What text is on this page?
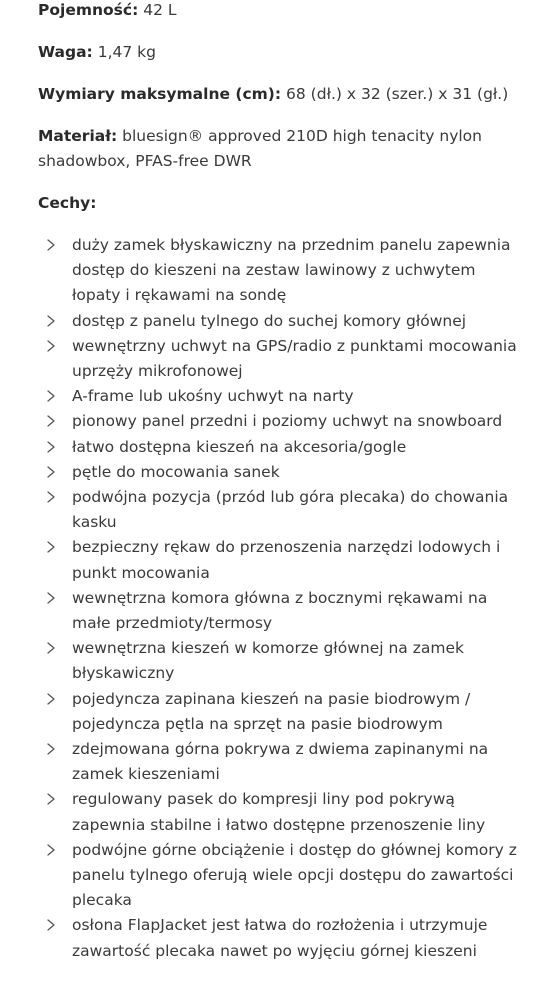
Pojemność: 42 L

Waga: 1,47 kg

Wymiary maksymalne (cm): 68 (dł.) x 32 (szer.) x 31 (gł.)

Materiał: bluesign® approved 210D high tenacity nylon shadowbox, PFAS-free DWR

Cechy:

duży zamek błyskawiczny na przednim panelu zapewnia dostęp do kieszeni na zestaw lawinowy z uchwytem łopaty i rękawami na sondę
dostęp z panelu tylnego do suchej komory głównej
wewnętrzny uchwyt na GPS/radio z punktami mocowania uprzęży mikrofonowej
A-frame lub ukośny uchwyt na narty
pionowy panel przedni i poziomy uchwyt na snowboard
łatwo dostępna kieszeń na akcesoria/gogle
pętle do mocowania sanek
podwójna pozycja (przód lub góra plecaka) do chowania kasku
bezpieczny rękaw do przenoszenia narzędzi lodowych i punkt mocowania
wewnętrzna komora główna z bocznymi rękawami na małe przedmioty/termosy
wewnętrzna kieszeń w komorze głównej na zamek błyskawiczny
pojedyncza zapinana kieszeń na pasie biodrowym / pojedyncza pętla na sprzęt na pasie biodrowym
zdejmowana górna pokrywa z dwiema zapinanymi na zamek kieszeniami
regulowany pasek do kompresji liny pod pokrywą zapewnia stabilne i łatwo dostępne przenoszenie liny
podwójne górne obciążenie i dostęp do głównej komory z panelu tylnego oferują wiele opcji dostępu do zawartości plecaka
osłona FlapJacket jest łatwa do rozłożenia i utrzymuje zawartość plecaka nawet po wyjęciu górnej kieszeni
